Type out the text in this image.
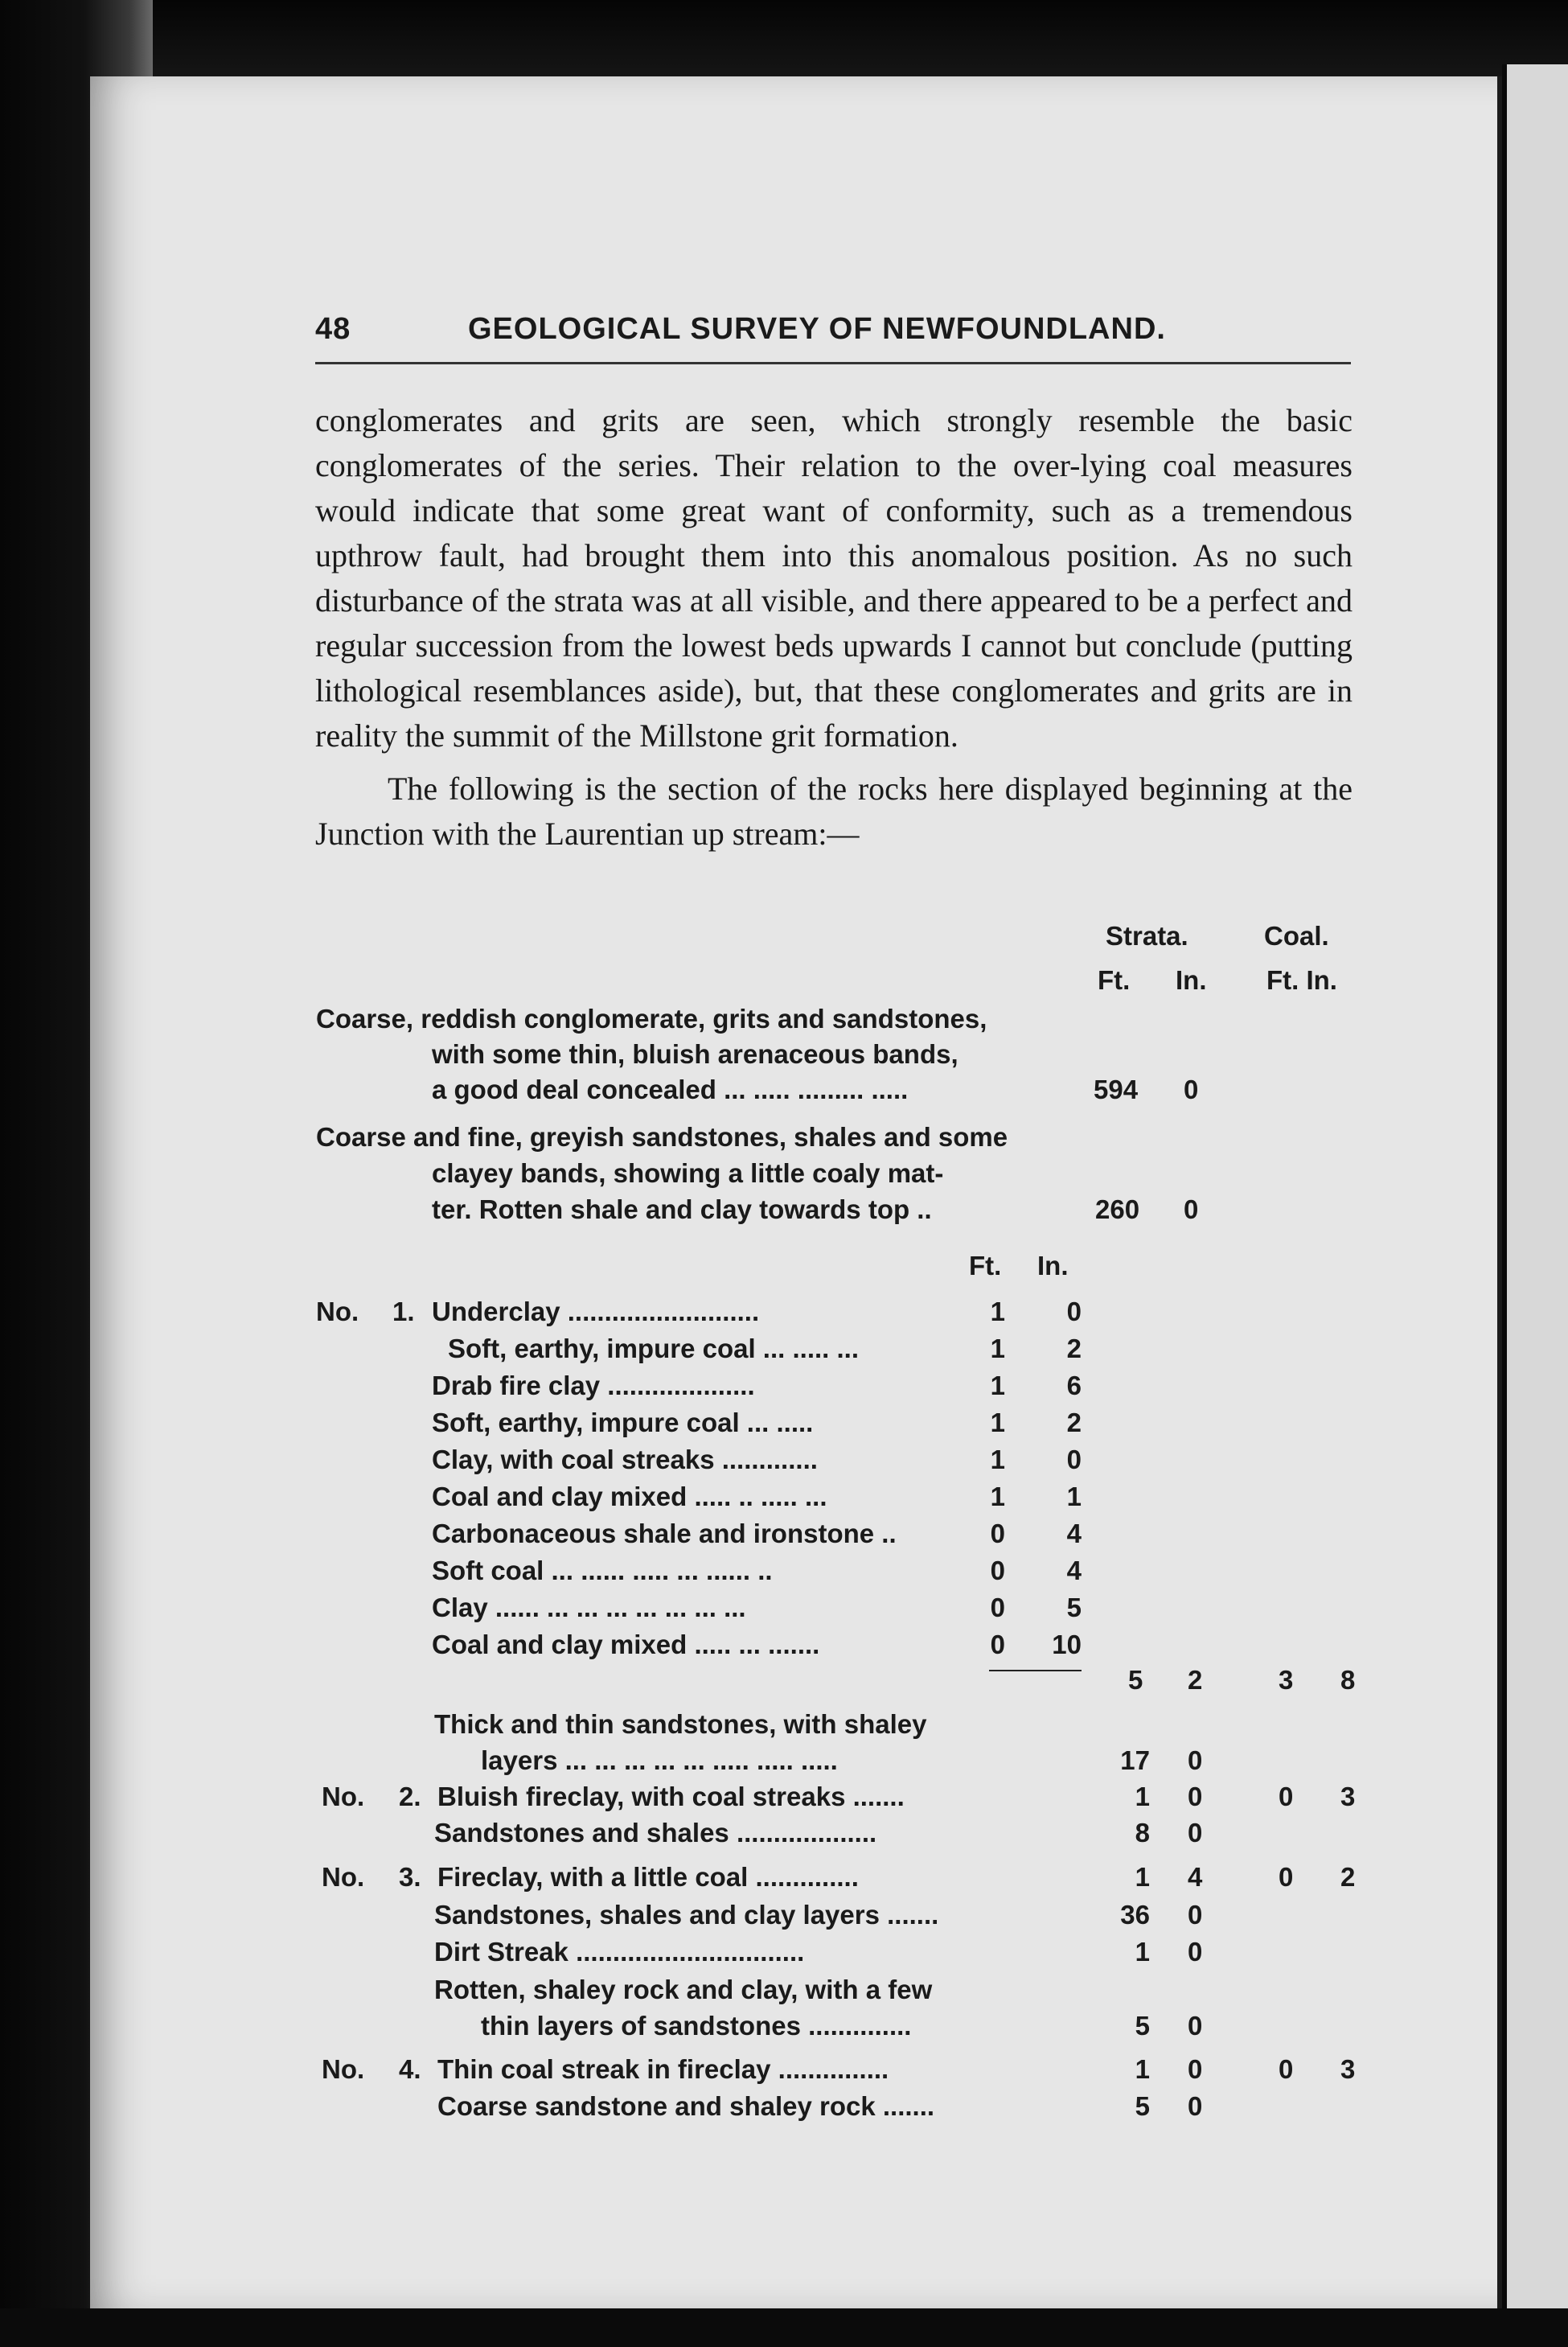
48	GEOLOGICAL SURVEY OF NEWFOUNDLAND.

conglomerates and grits are seen, which strongly resemble the basic conglomerates of the series. Their relation to the over-lying coal measures would indicate that some great want of conformity, such as a tremendous upthrow fault, had brought them into this anomalous position. As no such disturbance of the strata was at all visible, and there appeared to be a perfect and regular succession from the lowest beds upwards I cannot but conclude (putting lithological resemblances aside), but, that these conglomerates and grits are in reality the summit of the Millstone grit formation.

The following is the section of the rocks here displayed beginning at the Junction with the Laurentian up stream:—

Strata.	Coal.
Ft. In. Ft. In.
Coarse, reddish conglomerate, grits and sandstones,
with some thin, bluish arenaceous bands,
a good deal concealed ... ..... ......... .....	594 0
Coarse and fine, greyish sandstones, shales and some
clayey bands, showing a little coaly mat-
ter. Rotten shale and clay towards top ..	260 0
Ft. In.
No. 1. Underclay ..........................	1	0
Soft, earthy, impure coal ... ..... ...	1	2
Drab fire clay ....................	1	6
Soft, earthy, impure coal ... .....	1	2
Clay, with coal streaks .............	1	0
Coal and clay mixed ..... .. ..... ...	1	1
Carbonaceous shale and ironstone ..	0	4
Soft coal ... ...... ..... ... ...... ..	0	4
Clay ...... ... ... ... ... ... ... ...	0	5
Coal and clay mixed ..... ... .......	0	10
5 2	3 8
Thick and thin sandstones, with shaley
layers ... ... ... ... ... ..... ..... .....	17 0
No. 2. Bluish fireclay, with coal streaks .......	1 0	0 3
Sandstones and shales ...................	8 0
No. 3. Fireclay, with a little coal ..............	1 4	0 2
Sandstones, shales and clay layers .......	36 0
Dirt Streak ...............................	1 0
Rotten, shaley rock and clay, with a few
thin layers of sandstones ..............	5 0
No. 4. Thin coal streak in fireclay ...............	1 0	0 3
Coarse sandstone and shaley rock .......	5 0
